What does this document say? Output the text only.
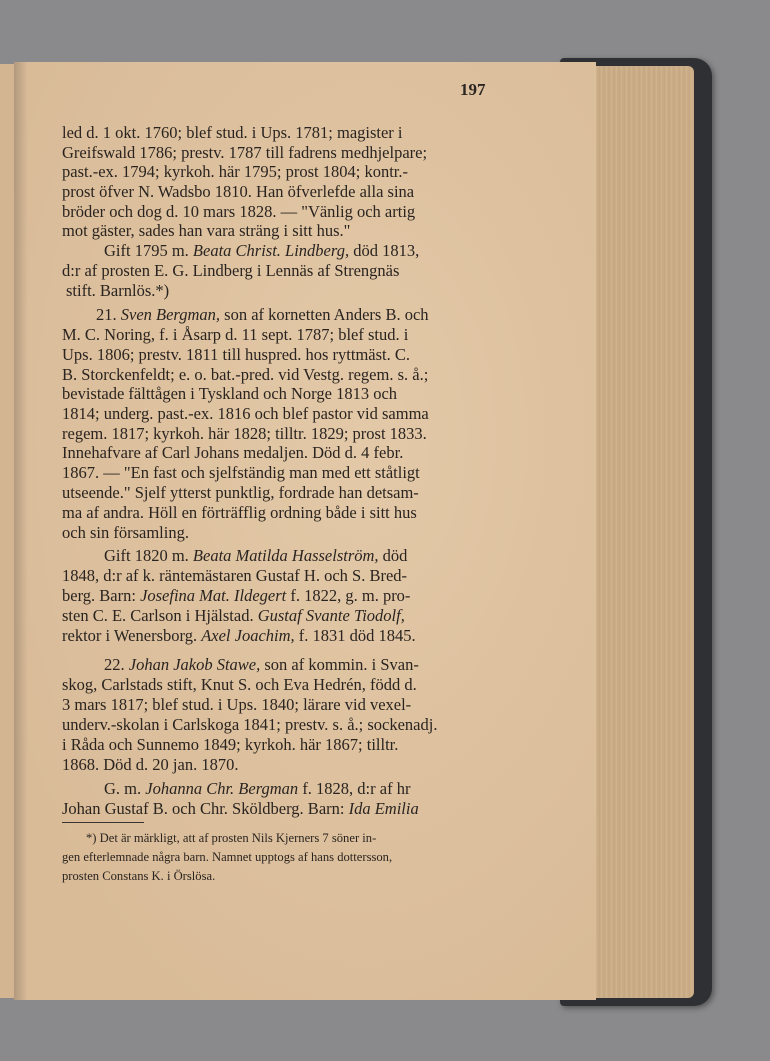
197
led d. 1 okt. 1760; blef stud. i Ups. 1781; magister i
Greifswald 1786; prestv. 1787 till fadrens medhjelpare;
past.-ex. 1794; kyrkoh. här 1795; prost 1804; kontr.-
prost öfver N. Wadsbo 1810. Han öfverlefde alla sina
bröder och dog d. 10 mars 1828. — "Vänlig och artig
mot gäster, sades han vara sträng i sitt hus."
Gift 1795 m. Beata Christ. Lindberg, död 1813,
d:r af prosten E. G. Lindberg i Lennäs af Strengnäs
stift. Barnlös.*)
21. Sven Bergman, son af kornetten Anders B. och
M. C. Noring, f. i Åsarp d. 11 sept. 1787; blef stud. i
Ups. 1806; prestv. 1811 till huspred. hos ryttmäst. C.
B. Storckenfeldt; e. o. bat.-pred. vid Vestg. regem. s. å.;
bevistade fälttågen i Tyskland och Norge 1813 och
1814; underg. past.-ex. 1816 och blef pastor vid samma
regem. 1817; kyrkoh. här 1828; tilltr. 1829; prost 1833.
Innehafvare af Carl Johans medaljen. Död d. 4 febr.
1867. — "En fast och sjelfständig man med ett ståtligt
utseende." Sjelf ytterst punktlig, fordrade han detsam-
ma af andra. Höll en förträfflig ordning både i sitt hus
och sin församling.
Gift 1820 m. Beata Matilda Hasselström, död
1848, d:r af k. räntemästaren Gustaf H. och S. Bred-
berg. Barn: Josefina Mat. Ildegert f. 1822, g. m. pro-
sten C. E. Carlson i Hjälstad. Gustaf Svante Tiodolf,
rektor i Wenersborg. Axel Joachim, f. 1831 död 1845.
22. Johan Jakob Stawe, son af kommin. i Svan-
skog, Carlstads stift, Knut S. och Eva Hedrén, född d.
3 mars 1817; blef stud. i Ups. 1840; lärare vid vexel-
underv.-skolan i Carlskoga 1841; prestv. s. å.; sockenadj.
i Råda och Sunnemo 1849; kyrkoh. här 1867; tilltr.
1868. Död d. 20 jan. 1870.
G. m. Johanna Chr. Bergman f. 1828, d:r af hr
Johan Gustaf B. och Chr. Sköldberg. Barn: Ida Emilia
*) Det är märkligt, att af prosten Nils Kjerners 7 söner in-
gen efterlemnade några barn. Namnet upptogs af hans dottersson,
prosten Constans K. i Örslösa.
